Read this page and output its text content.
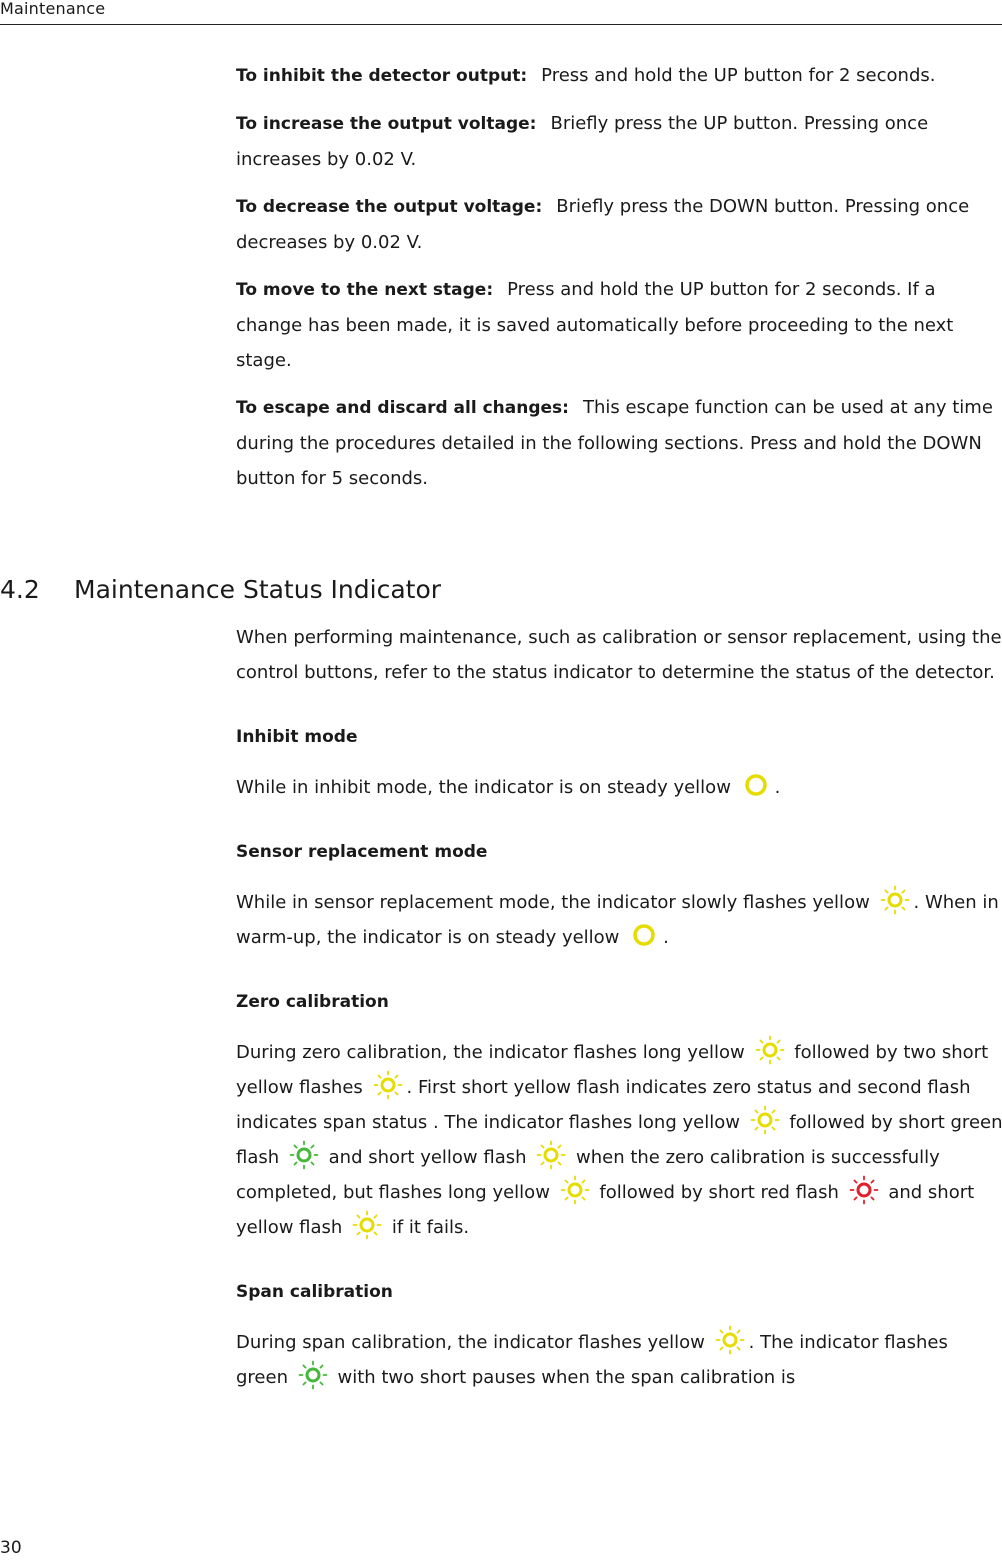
Maintenance

To inhibit the detector output: Press and hold the UP button for 2 seconds.

To increase the output voltage: Briefly press the UP button. Pressing once increases by 0.02 V.

To decrease the output voltage: Briefly press the DOWN button. Pressing once decreases by 0.02 V.

To move to the next stage: Press and hold the UP button for 2 seconds. If a change has been made, it is saved automatically before proceeding to the next stage.

To escape and discard all changes: This escape function can be used at any time during the procedures detailed in the following sections. Press and hold the DOWN button for 5 seconds.

4.2 Maintenance Status Indicator

When performing maintenance, such as calibration or sensor replacement, using the control buttons, refer to the status indicator to determine the status of the detector.

Inhibit mode

While in inhibit mode, the indicator is on steady yellow .

Sensor replacement mode

While in sensor replacement mode, the indicator slowly flashes yellow . When in warm-up, the indicator is on steady yellow .

Zero calibration

During zero calibration, the indicator flashes long yellow	followed by two short yellow flashes . First short yellow flash indicates zero status and second flash indicates span status . The indicator flashes long yellow	followed by short green flash	and short yellow flash	when the zero calibration is successfully completed, but flashes long yellow	followed by short red flash	and short yellow flash	if it fails.

Span calibration

During span calibration, the indicator flashes yellow . The indicator flashes green	with two short pauses when the span calibration is

30
